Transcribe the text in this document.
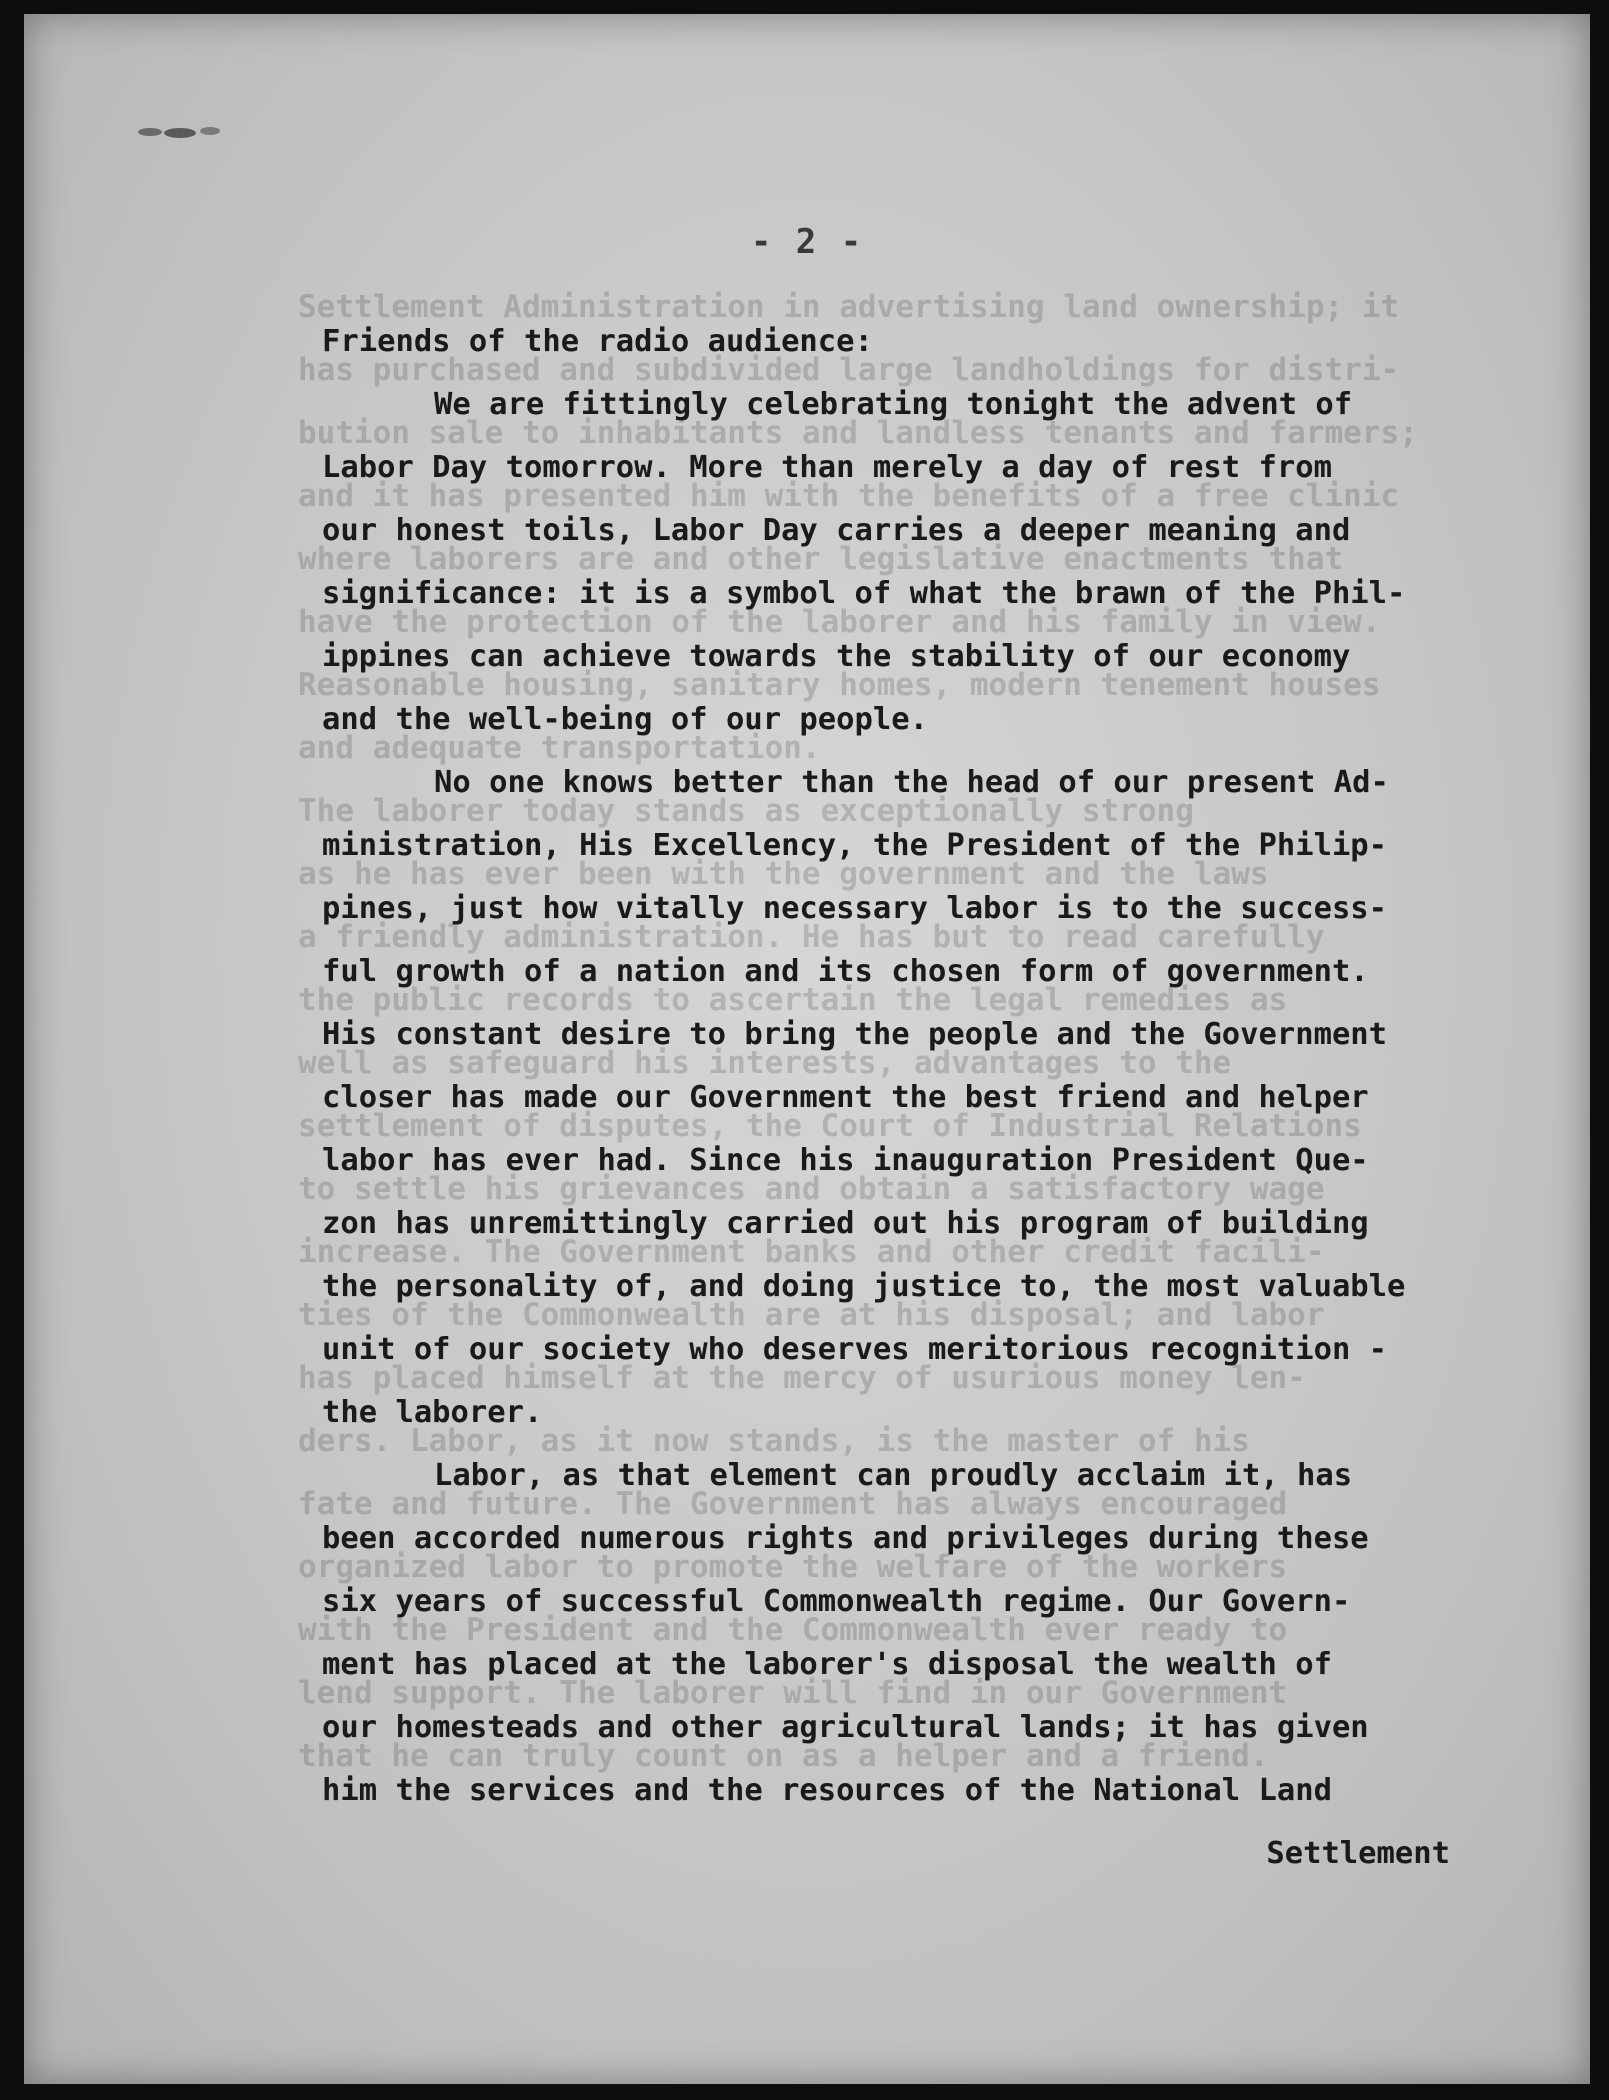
- 2 -
Settlement Administration in advertising land ownership; it
has purchased and subdivided large landholdings for distri-
bution sale to inhabitants and landless tenants and farmers;
and it has presented him with the benefits of a free clinic
where laborers are and other legislative enactments that
have the protection of the laborer and his family in view.
Reasonable housing, sanitary homes, modern tenement houses
and adequate transportation.
The laborer today stands as exceptionally strong
as he has ever been with the government and the laws
a friendly administration. He has but to read carefully
the public records to ascertain the legal remedies as
well as safeguard his interests, advantages to the
settlement of disputes, the Court of Industrial Relations
to settle his grievances and obtain a satisfactory wage
increase. The Government banks and other credit facili-
ties of the Commonwealth are at his disposal; and labor
has placed himself at the mercy of usurious money len-
ders. Labor, as it now stands, is the master of his
fate and future. The Government has always encouraged
organized labor to promote the welfare of the workers
with the President and the Commonwealth ever ready to
lend support. The laborer will find in our Government
that he can truly count on as a helper and a friend.
Friends of the radio audience:
We are fittingly celebrating tonight the advent of
Labor Day tomorrow. More than merely a day of rest from
our honest toils, Labor Day carries a deeper meaning and
significance: it is a symbol of what the brawn of the Phil-
ippines can achieve towards the stability of our economy
and the well-being of our people.
No one knows better than the head of our present Ad-
ministration, His Excellency, the President of the Philip-
pines, just how vitally necessary labor is to the success-
ful growth of a nation and its chosen form of government.
His constant desire to bring the people and the Government
closer has made our Government the best friend and helper
labor has ever had. Since his inauguration President Que-
zon has unremittingly carried out his program of building
the personality of, and doing justice to, the most valuable
unit of our society who deserves meritorious recognition -
the laborer.
Labor, as that element can proudly acclaim it, has
been accorded numerous rights and privileges during these
six years of successful Commonwealth regime. Our Govern-
ment has placed at the laborer's disposal the wealth of
our homesteads and other agricultural lands; it has given
him the services and the resources of the National Land
Settlement
